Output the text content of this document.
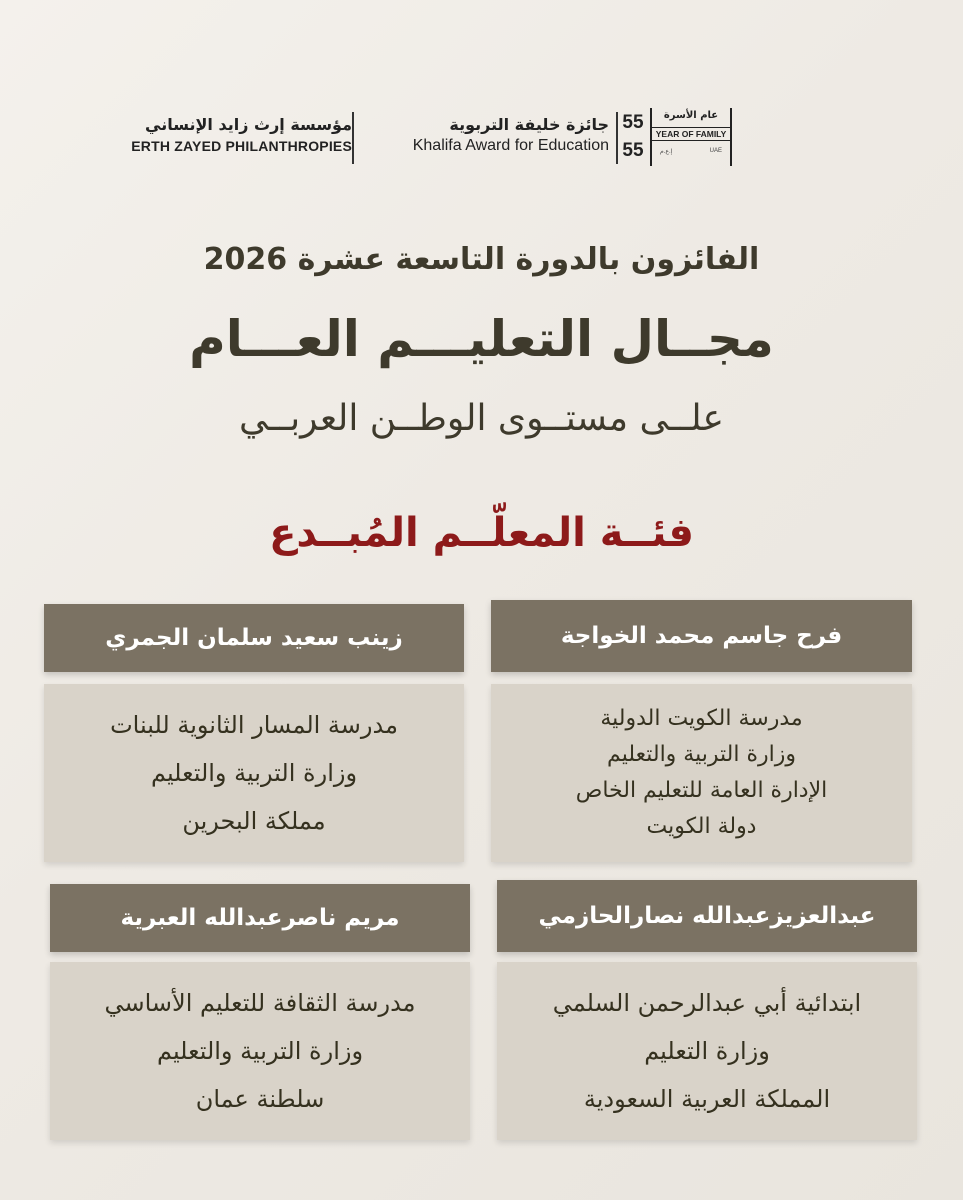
مؤسسة إرث زايد الإنساني
ERTH ZAYED PHILANTHROPIES
جائزة خليفة التربوية
Khalifa Award for Education
55
55
عام الأسرة
YEAR OF FAMILY
إ.ع.م	UAE
الفائزون بالدورة التاسعة عشرة 2026
مجــال التعليـــم العـــام
علــى مستــوى الوطــن العربــي
فئــة المعلّــم المُبــدع
فرح جاسم محمد الخواجة
مدرسة الكويت الدولية
وزارة التربية والتعليم
الإدارة العامة للتعليم الخاص
دولة الكويت
زينب سعيد سلمان الجمري
مدرسة المسار الثانوية للبنات
وزارة التربية والتعليم
مملكة البحرين
عبدالعزيزعبدالله نصارالحازمي
ابتدائية أبي عبدالرحمن السلمي
وزارة التعليم
المملكة العربية السعودية
مريم ناصرعبدالله العبرية
مدرسة الثقافة للتعليم الأساسي
وزارة التربية والتعليم
سلطنة عمان
